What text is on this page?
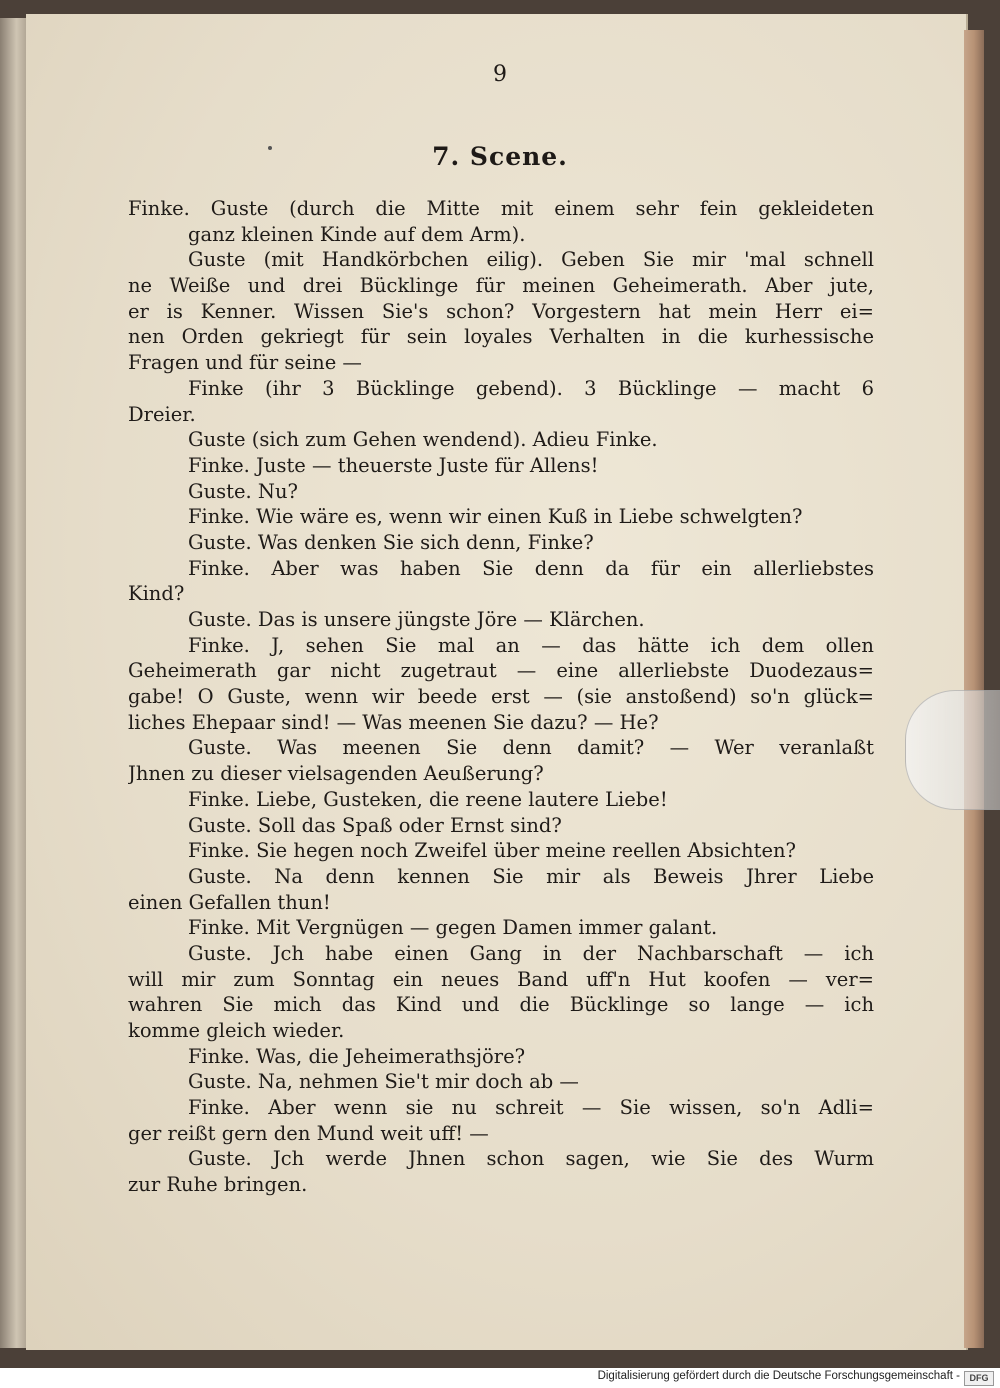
9
7. Scene.
Finke. Guste (durch die Mitte mit einem sehr fein gekleideten
ganz kleinen Kinde auf dem Arm).
Guste (mit Handkörbchen eilig). Geben Sie mir 'mal schnell
ne Weiße und drei Bücklinge für meinen Geheimerath. Aber jute,
er is Kenner. Wissen Sie's schon? Vorgestern hat mein Herr ei=
nen Orden gekriegt für sein loyales Verhalten in die kurhessische
Fragen und für seine —
Finke (ihr 3 Bücklinge gebend). 3 Bücklinge — macht 6
Dreier.
Guste (sich zum Gehen wendend). Adieu Finke.
Finke. Juste — theuerste Juste für Allens!
Guste. Nu?
Finke. Wie wäre es, wenn wir einen Kuß in Liebe schwelgten?
Guste. Was denken Sie sich denn, Finke?
Finke. Aber was haben Sie denn da für ein allerliebstes
Kind?
Guste. Das is unsere jüngste Jöre — Klärchen.
Finke. J, sehen Sie mal an — das hätte ich dem ollen
Geheimerath gar nicht zugetraut — eine allerliebste Duodezaus=
gabe! O Guste, wenn wir beede erst — (sie anstoßend) so'n glück=
liches Ehepaar sind! — Was meenen Sie dazu? — He?
Guste. Was meenen Sie denn damit? — Wer veranlaßt
Jhnen zu dieser vielsagenden Aeußerung?
Finke. Liebe, Gusteken, die reene lautere Liebe!
Guste. Soll das Spaß oder Ernst sind?
Finke. Sie hegen noch Zweifel über meine reellen Absichten?
Guste. Na denn kennen Sie mir als Beweis Jhrer Liebe
einen Gefallen thun!
Finke. Mit Vergnügen — gegen Damen immer galant.
Guste. Jch habe einen Gang in der Nachbarschaft — ich
will mir zum Sonntag ein neues Band uff'n Hut koofen — ver=
wahren Sie mich das Kind und die Bücklinge so lange — ich
komme gleich wieder.
Finke. Was, die Jeheimerathsjöre?
Guste. Na, nehmen Sie't mir doch ab —
Finke. Aber wenn sie nu schreit — Sie wissen, so'n Adli=
ger reißt gern den Mund weit uff! —
Guste. Jch werde Jhnen schon sagen, wie Sie des Wurm
zur Ruhe bringen.
Digitalisierung gefördert durch die Deutsche Forschungsgemeinschaft -	DFG
